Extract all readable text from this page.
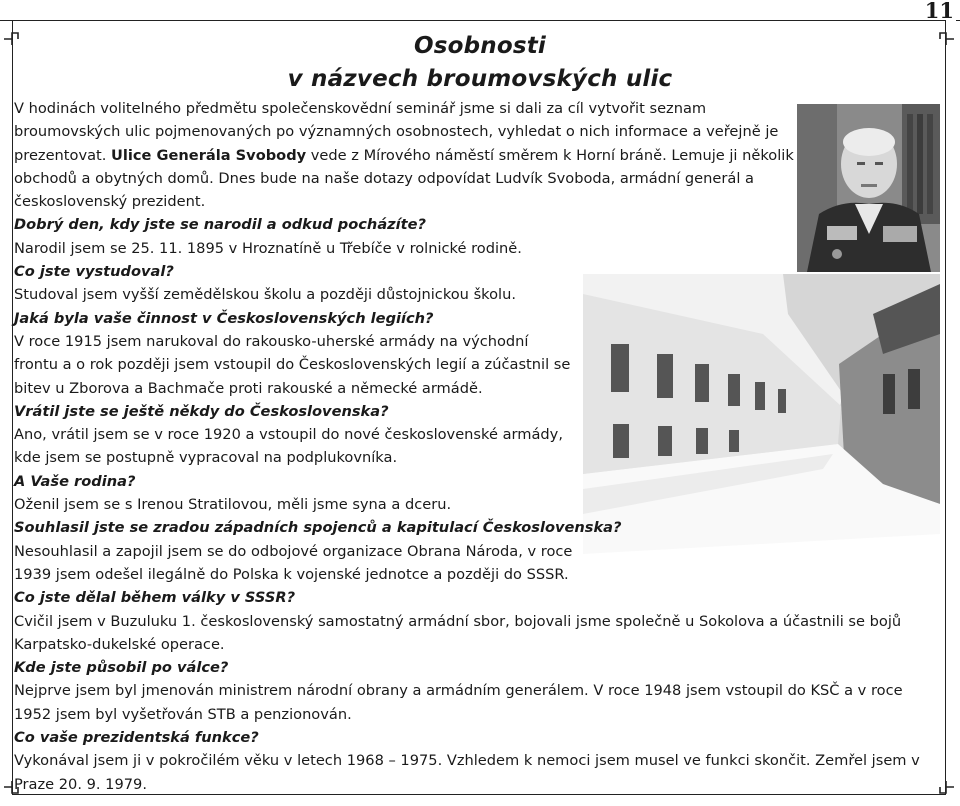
11
Osobnosti
v názvech broumovských ulic

V hodinách volitelného předmětu společenskovědní seminář jsme si dali za cíl vytvořit seznam broumovských ulic pojmenovaných po významných osobnostech, vyhledat o nich informace a veřejně je prezentovat. Ulice Generála Svobody vede z Mírového náměstí směrem k Horní bráně. Lemuje ji několik obchodů a obytných domů. Dnes bude na naše dotazy odpovídat Ludvík Svoboda, armádní generál a československý prezident.

Dobrý den, kdy jste se narodil a odkud pocházíte?

Narodil jsem se 25. 11. 1895 v Hroznatíně u Třebíče v rolnické rodině.

Co jste vystudoval?

Studoval jsem vyšší zemědělskou školu a později důstojnickou školu.

Jaká byla vaše činnost v Československých legiích?

V roce 1915 jsem narukoval do rakousko-uherské armády na východní frontu a o rok později jsem vstoupil do Československých legií a zúčastnil se bitev u Zborova a Bachmače proti rakouské a německé armádě.

Vrátil jste se ještě někdy do Československa?

Ano, vrátil jsem se v roce 1920 a vstoupil do nové československé armády, kde jsem se postupně vypracoval na podplukovníka.

A Vaše rodina?

Oženil jsem se s Irenou Stratilovou, měli jsme syna a dceru.

Souhlasil jste se zradou západních spojenců a kapitulací Československa?

Nesouhlasil a zapojil jsem se do odbojové organizace Obrana Národa, v roce 1939 jsem odešel ilegálně do Polska k vojenské jednotce a později do SSSR.

Co jste dělal během války v SSSR?

Cvičil jsem v Buzuluku 1. československý samostatný armádní sbor, bojovali jsme společně u Sokolova a účastnili se bojů Karpatsko-dukelské operace.

Kde jste působil po válce?

Nejprve jsem byl jmenován ministrem národní obrany a armádním generálem. V roce 1948 jsem vstoupil do KSČ a v roce 1952 jsem byl vyšetřován STB a penzionován.

Co vaše prezidentská funkce?

Vykonával jsem ji v pokročilém věku v letech 1968 – 1975. Vzhledem k nemoci jsem musel ve funkci skončit. Zemřel jsem v Praze 20. 9. 1979.
